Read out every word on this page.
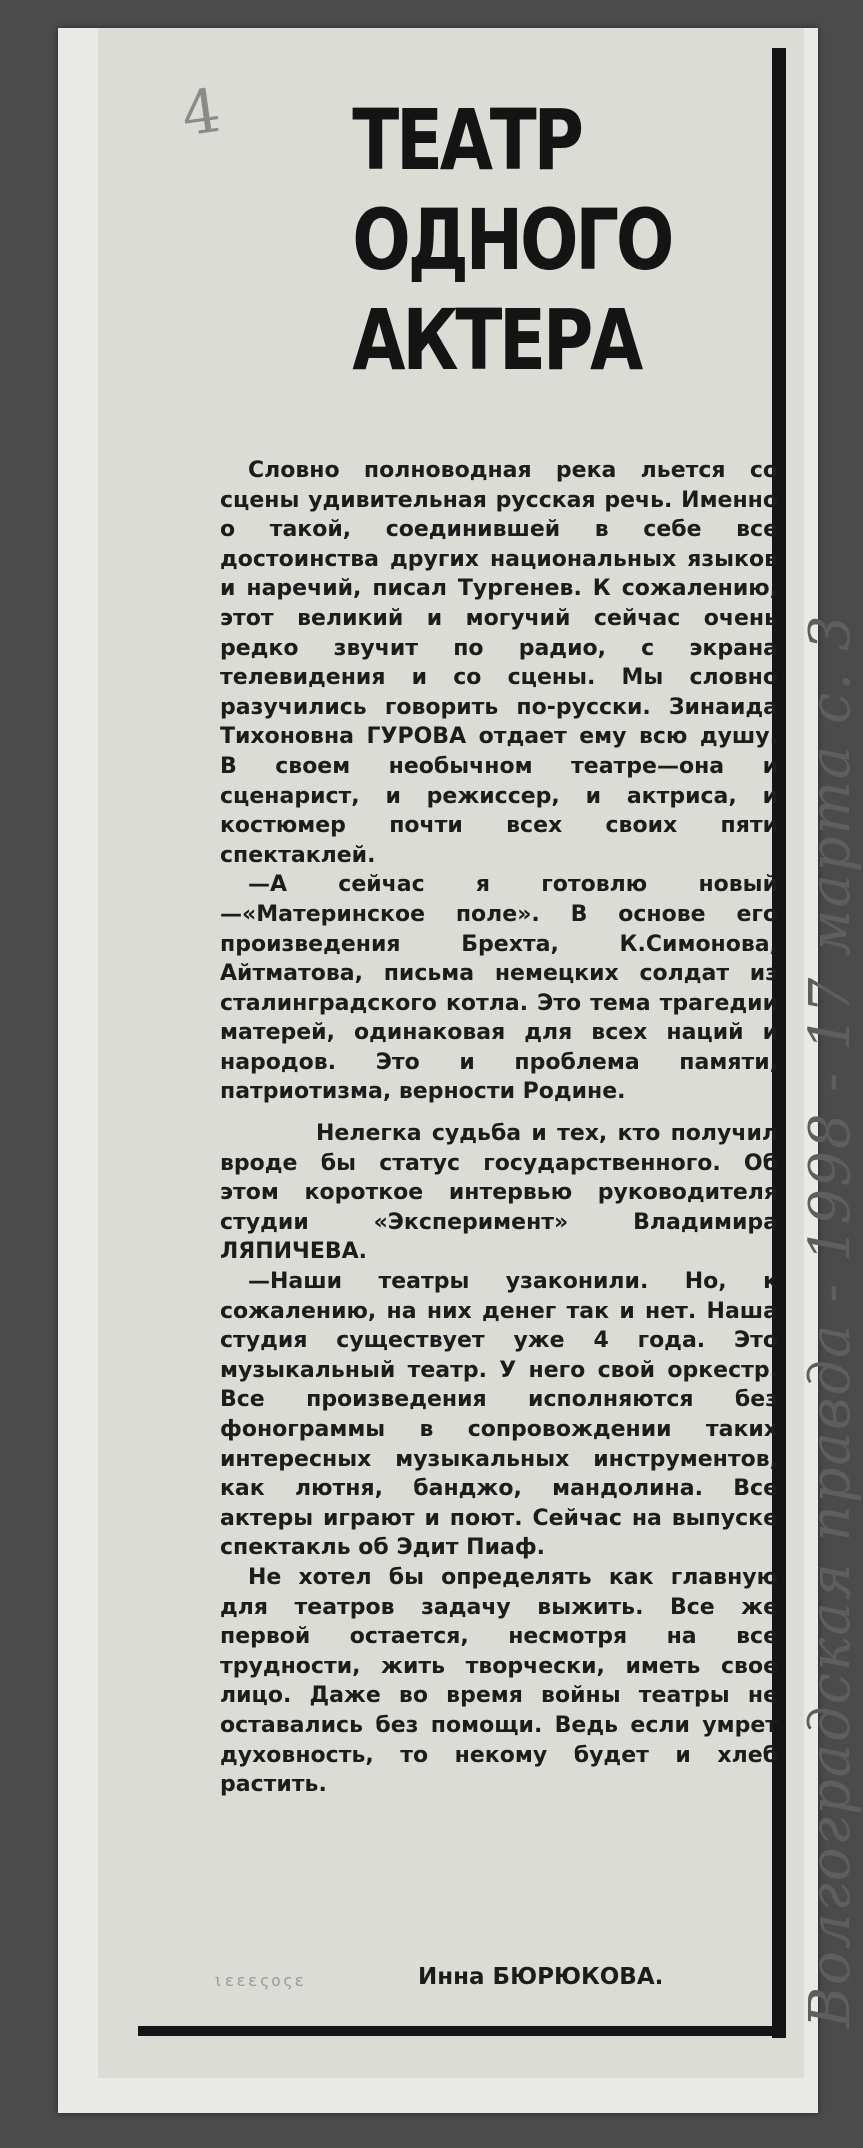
4 ТЕАТР
ОДНОГО
АКТЕРА

Словно полноводная река льется со сцены удивительная русская речь. Именно о такой, соединившей в себе все достоинства других национальных языков и наречий, писал Тургенев. К сожалению, этот великий и могучий сейчас очень редко звучит по радио, с экрана телевидения и со сцены. Мы словно разучились говорить по-русски. Зинаида Тихоновна ГУРОВА отдает ему всю душу. В своем необычном театре—она и сценарист, и режиссер, и актриса, и костюмер почти всех своих пяти спектаклей.

—А сейчас я готовлю новый—«Материнское поле». В основе его произведения Брехта, К.Симонова, Айтматова, письма немецких солдат из сталинградского котла. Это тема трагедии матерей, одинаковая для всех наций и народов. Это и проблема памяти, патриотизма, верности Родине.

Нелегка судьба и тех, кто получил вроде бы статус государственного. Об этом короткое интервью руководителя студии «Эксперимент» Владимира ЛЯПИЧЕВА.

—Наши театры узаконили. Но, к сожалению, на них денег так и нет. Наша студия существует уже 4 года. Это музыкальный театр. У него свой оркестр. Все произведения исполняются без фонограммы в сопровождении таких интересных музыкальных инструментов, как лютня, банджо, мандолина. Все актеры играют и поют. Сейчас на выпуске спектакль об Эдит Пиаф.

Не хотел бы определять как главную для театров задачу выжить. Все же первой остается, несмотря на все трудности, жить творчески, иметь свое лицо. Даже во время войны театры не оставались без помощи. Ведь если умрет духовность, то некому будет и хлеб растить.

ιεεεςοςε	Инна БЮРЮКОВА. Волгоградская правда - 1998 - 17 марта с. 3
